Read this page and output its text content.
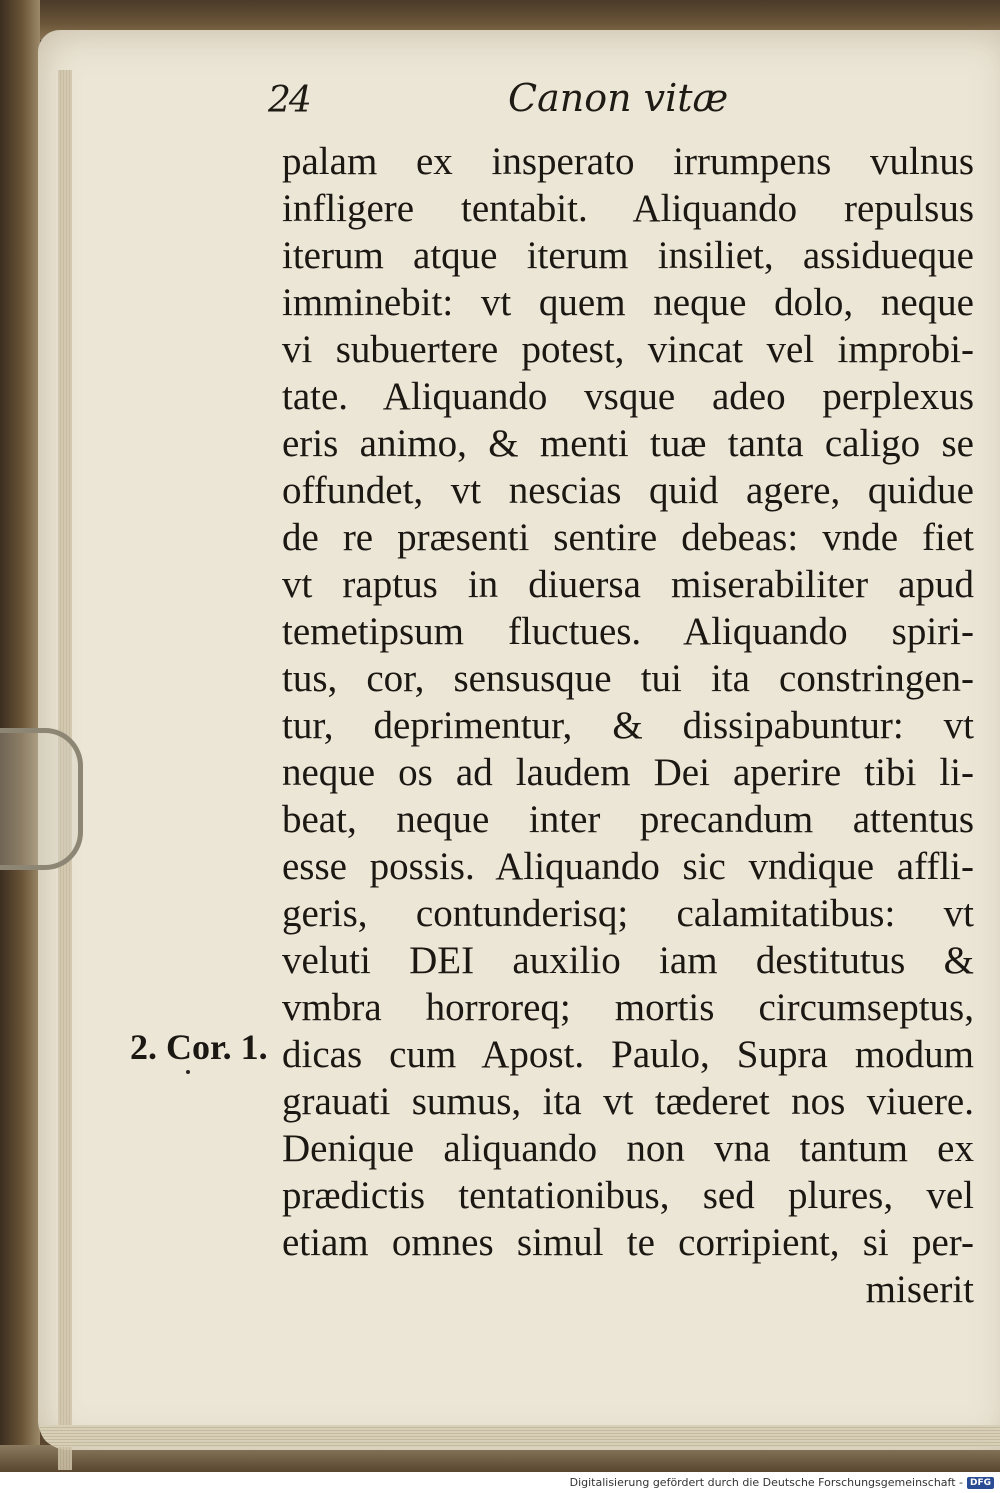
24	Canon vitæ
palam ex insperato irrumpens vulnus
infligere tentabit. Aliquando repulsus
iterum atque iterum insiliet, assidueque
imminebit: vt quem neque dolo, neque
vi subuertere potest, vincat vel improbi-
tate. Aliquando vsque adeo perplexus
eris animo, & menti tuæ tanta caligo se
offundet, vt nescias quid agere, quidue
de re præsenti sentire debeas: vnde fiet
vt raptus in diuersa miserabiliter apud
temetipsum fluctues. Aliquando spiri-
tus, cor, sensusque tui ita constringen-
tur, deprimentur, & dissipabuntur: vt
neque os ad laudem Dei aperire tibi li-
beat, neque inter precandum attentus
esse possis. Aliquando sic vndique affli-
geris, contunderisq; calamitatibus: vt
veluti DEI auxilio iam destitutus &
vmbra horroreq; mortis circumseptus,
dicas cum Apost. Paulo, Supra modum
grauati sumus, ita vt tæderet nos viuere.
Denique aliquando non vna tantum ex
prædictis tentationibus, sed plures, vel
etiam omnes simul te corripient, si per-
miserit
2. Cor. 1.
Digitalisierung gefördert durch die Deutsche Forschungsgemeinschaft - DFG
